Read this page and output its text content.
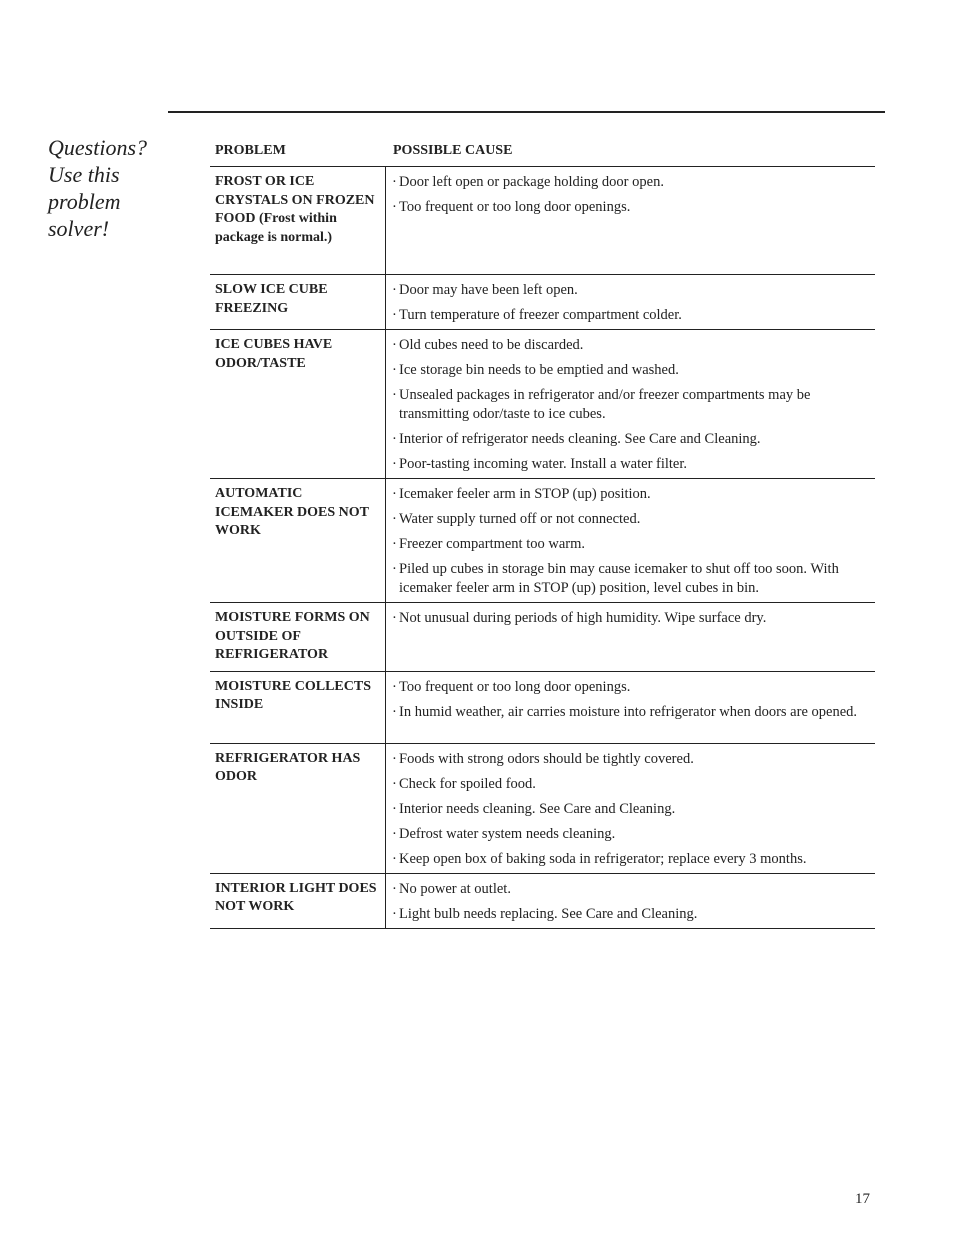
Questions?
Use this
problem
solver!
PROBLEM	POSSIBLE CAUSE
FROST OR ICE CRYSTALS ON FROZEN FOOD (Frost within package is normal.)
· Door left open or package holding door open.
· Too frequent or too long door openings.
SLOW ICE CUBE FREEZING
· Door may have been left open.
· Turn temperature of freezer compartment colder.
ICE CUBES HAVE ODOR/TASTE
· Old cubes need to be discarded.
· Ice storage bin needs to be emptied and washed.
· Unsealed packages in refrigerator and/or freezer compartments may be transmitting odor/taste to ice cubes.
· Interior of refrigerator needs cleaning. See Care and Cleaning.
· Poor-tasting incoming water. Install a water filter.
AUTOMATIC ICEMAKER DOES NOT WORK
· Icemaker feeler arm in STOP (up) position.
· Water supply turned off or not connected.
· Freezer compartment too warm.
· Piled up cubes in storage bin may cause icemaker to shut off too soon. With icemaker feeler arm in STOP (up) position, level cubes in bin.
MOISTURE FORMS ON OUTSIDE OF REFRIGERATOR
· Not unusual during periods of high humidity. Wipe surface dry.
MOISTURE COLLECTS INSIDE
· Too frequent or too long door openings.
· In humid weather, air carries moisture into refrigerator when doors are opened.
REFRIGERATOR HAS ODOR
· Foods with strong odors should be tightly covered.
· Check for spoiled food.
· Interior needs cleaning. See Care and Cleaning.
· Defrost water system needs cleaning.
· Keep open box of baking soda in refrigerator; replace every 3 months.
INTERIOR LIGHT DOES NOT WORK
· No power at outlet.
· Light bulb needs replacing. See Care and Cleaning.
17
